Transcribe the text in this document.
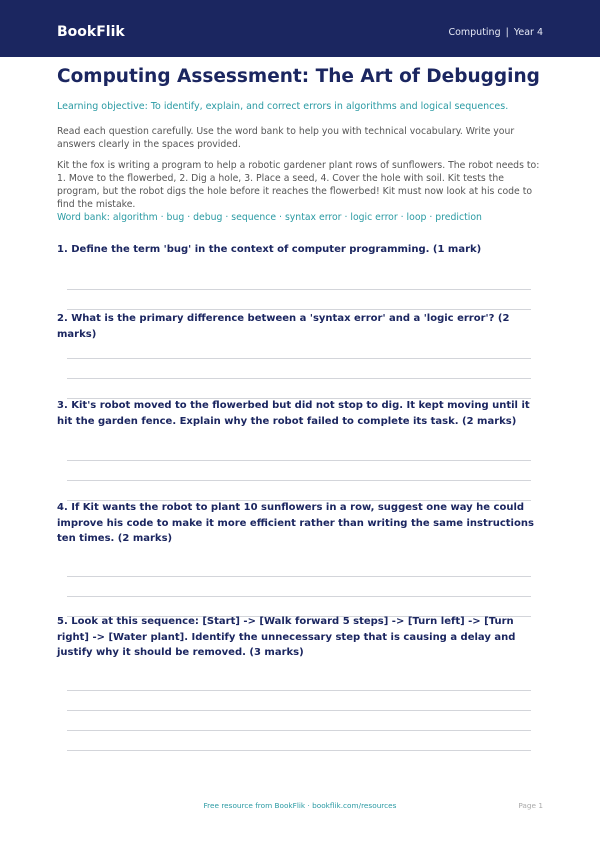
BookFlik	Computing | Year 4
Computing Assessment: The Art of Debugging
Learning objective: To identify, explain, and correct errors in algorithms and logical sequences.
Read each question carefully. Use the word bank to help you with technical vocabulary. Write your answers clearly in the spaces provided.
Kit the fox is writing a program to help a robotic gardener plant rows of sunflowers. The robot needs to: 1. Move to the flowerbed, 2. Dig a hole, 3. Place a seed, 4. Cover the hole with soil. Kit tests the program, but the robot digs the hole before it reaches the flowerbed! Kit must now look at his code to find the mistake.
Word bank: algorithm · bug · debug · sequence · syntax error · logic error · loop · prediction
1. Define the term 'bug' in the context of computer programming. (1 mark)
2. What is the primary difference between a 'syntax error' and a 'logic error'? (2 marks)
3. Kit's robot moved to the flowerbed but did not stop to dig. It kept moving until it hit the garden fence. Explain why the robot failed to complete its task. (2 marks)
4. If Kit wants the robot to plant 10 sunflowers in a row, suggest one way he could improve his code to make it more efficient rather than writing the same instructions ten times. (2 marks)
5. Look at this sequence: [Start] -> [Walk forward 5 steps] -> [Turn left] -> [Turn right] -> [Water plant]. Identify the unnecessary step that is causing a delay and justify why it should be removed. (3 marks)
Free resource from BookFlik · bookflik.com/resources	Page 1
